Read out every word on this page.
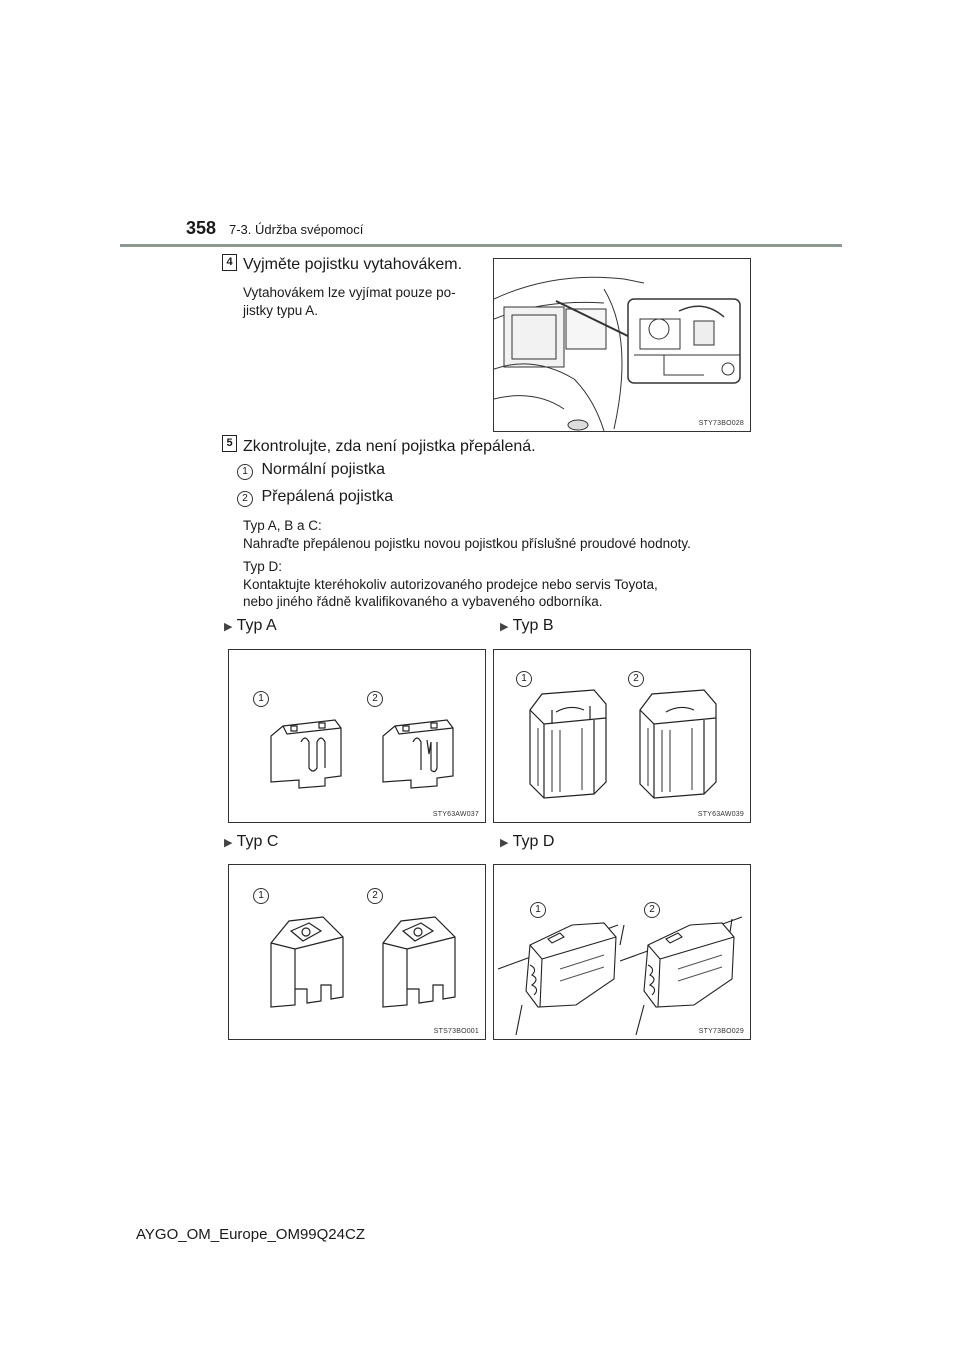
358 7-3. Údržba svépomocí
4 Vyjměte pojistku vytahovákem.
Vytahovákem lze vyjímat pouze po-
jistky typu A.
STY73BO028
5 Zkontrolujte, zda není pojistka přepálená.
1 Normální pojistka
2 Přepálená pojistka
Typ A, B a C:
Nahraďte přepálenou pojistku novou pojistkou příslušné proudové hodnoty.
Typ D:
Kontaktujte kteréhokoliv autorizovaného prodejce nebo servis Toyota,
nebo jiného řádně kvalifikovaného a vybaveného odborníka.
▶ Typ A	▶ Typ B
▶ Typ C	▶ Typ D
1	2
STY63AW037
1	2
STY63AW039
1	2
STS73BO001
1	2
STY73BO029
AYGO_OM_Europe_OM99Q24CZ
